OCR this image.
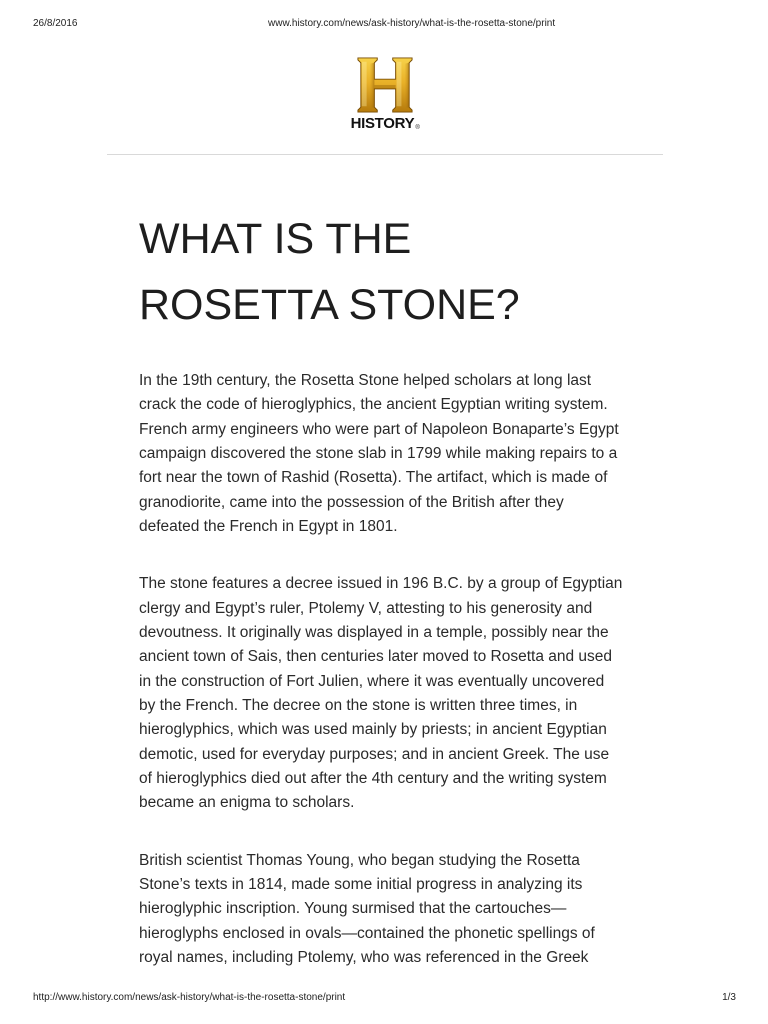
26/8/2016	www.history.com/news/ask-history/what-is-the-rosetta-stone/print
HISTORY®
WHAT IS THE
ROSETTA STONE?

In the 19th century, the Rosetta Stone helped scholars at long last
crack the code of hieroglyphics, the ancient Egyptian writing system.
French army engineers who were part of Napoleon Bonaparte’s Egypt
campaign discovered the stone slab in 1799 while making repairs to a
fort near the town of Rashid (Rosetta). The artifact, which is made of
granodiorite, came into the possession of the British after they
defeated the French in Egypt in 1801.

The stone features a decree issued in 196 B.C. by a group of Egyptian
clergy and Egypt’s ruler, Ptolemy V, attesting to his generosity and
devoutness. It originally was displayed in a temple, possibly near the
ancient town of Sais, then centuries later moved to Rosetta and used
in the construction of Fort Julien, where it was eventually uncovered
by the French. The decree on the stone is written three times, in
hieroglyphics, which was used mainly by priests; in ancient Egyptian
demotic, used for everyday purposes; and in ancient Greek. The use
of hieroglyphics died out after the 4th century and the writing system
became an enigma to scholars.

British scientist Thomas Young, who began studying the Rosetta
Stone’s texts in 1814, made some initial progress in analyzing its
hieroglyphic inscription. Young surmised that the cartouches—
hieroglyphs enclosed in ovals—contained the phonetic spellings of
royal names, including Ptolemy, who was referenced in the Greek

http://www.history.com/news/ask-history/what-is-the-rosetta-stone/print	1/3
